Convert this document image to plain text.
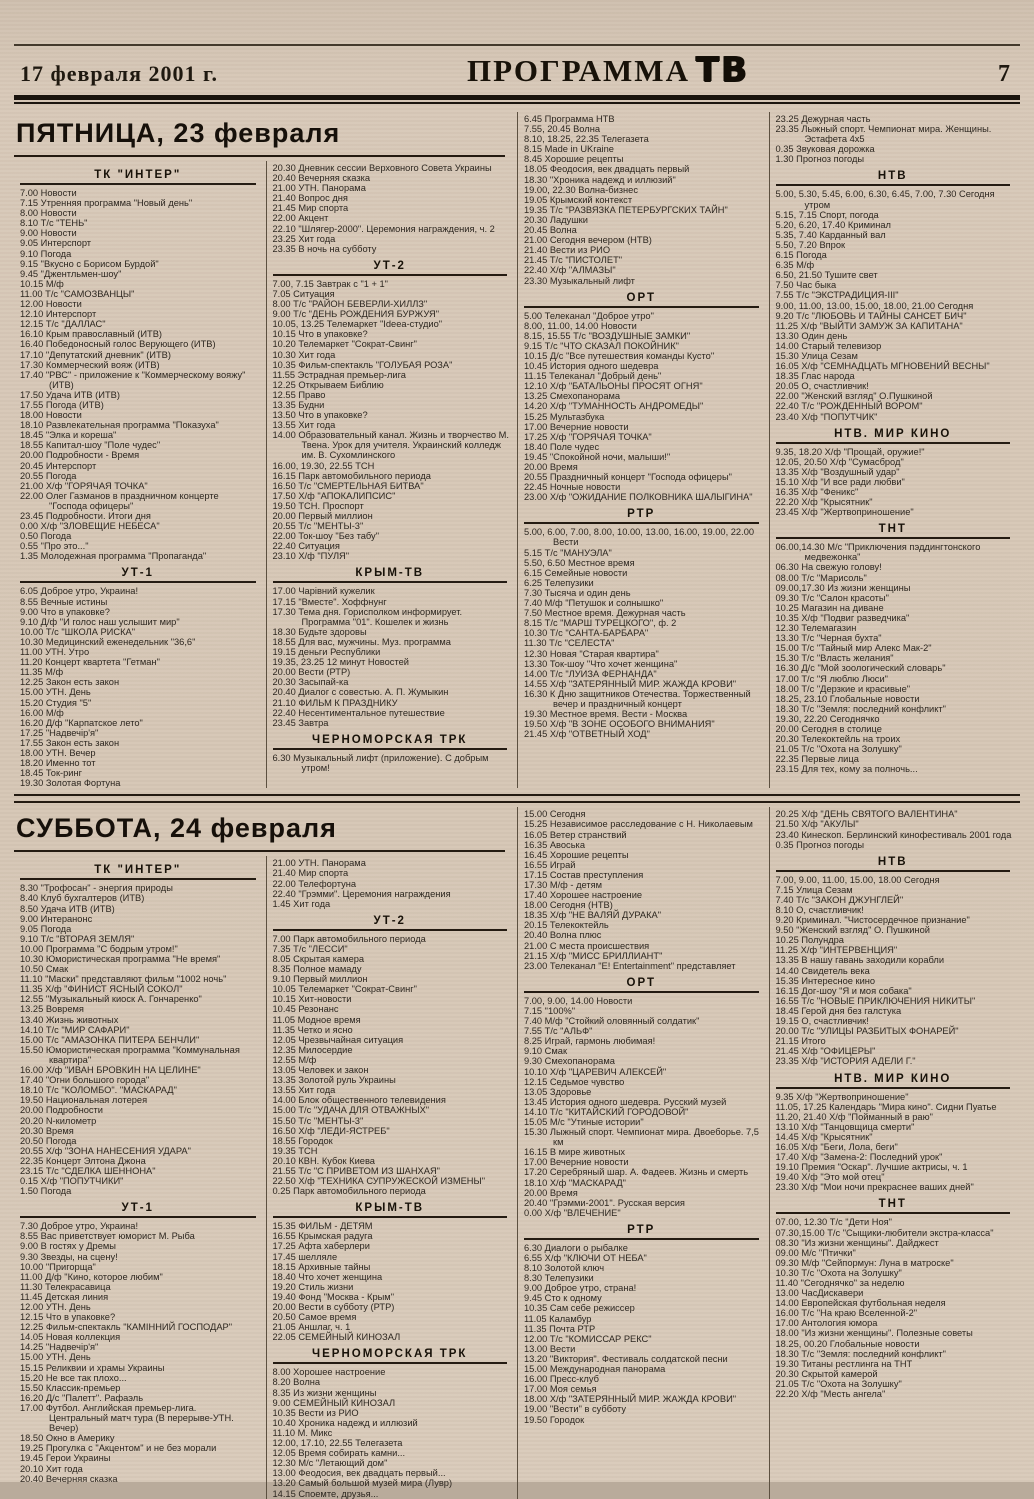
17 февраля 2001 г.	ПРОГРАММА ТВ	7
ПЯТНИЦА, 23 февраля
ТК "ИНТЕР"
7.00 Новости
7.15 Утренняя программа "Новый день"
8.00 Новости
8.10 Т/с "ТЕНЬ"
9.00 Новости
9.05 Интерспорт
9.10 Погода
9.15 "Вкусно с Борисом Бурдой"
9.45 "Джентльмен-шоу"
10.15 М/ф
11.00 Т/с "САМОЗВАНЦЫ"
12.00 Новости
12.10 Интерспорт
12.15 Т/с "ДАЛЛАС"
16.10 Крым православный (ИТВ)
16.40 Победоносный голос Верующего (ИТВ)
17.10 "Депутатский дневник" (ИТВ)
17.30 Коммерческий вояж (ИТВ)
17.40 "РВС" - приложение к "Коммерческому вояжу" (ИТВ)
17.50 Удача ИТВ (ИТВ)
17.55 Погода (ИТВ)
18.00 Новости
18.10 Развлекательная программа "Показуха"
18.45 "Элка и кореша"
18.55 Капитал-шоу "Поле чудес"
20.00 Подробности - Время
20.45 Интерспорт
20.55 Погода
21.00 Х/ф "ГОРЯЧАЯ ТОЧКА"
22.00 Олег Газманов в праздничном концерте "Господа офицеры"
23.45 Подробности. Итоги дня
0.00 Х/ф "ЗЛОВЕЩИЕ НЕБЕСА"
0.50 Погода
0.55 "Про это..."
1.35 Молодежная программа "Пропаганда"
УТ-1
6.05 Доброе утро, Украина!
8.55 Вечные истины
9.00 Что в упаковке?
9.10 Д/ф "И голос наш услышит мир"
10.00 Т/с "ШКОЛА РИСКА"
10.30 Медицинский еженедельник "36,6"
11.00 УТН. Утро
11.20 Концерт квартета "Гетман"
11.35 М/ф
12.25 Закон есть закон
15.00 УТН. День
15.20 Студия "5"
16.00 М/ф
16.20 Д/ф "Карпатское лето"
17.25 "Надвечір'я"
17.55 Закон есть закон
18.00 УТН. Вечер
18.20 Именно тот
18.45 Ток-ринг
19.30 Золотая Фортуна
20.30 Дневник сессии Верховного Совета Украины
20.40 Вечерняя сказка
21.00 УТН. Панорама
21.40 Вопрос дня
21.45 Мир спорта
22.00 Акцент
22.10 "Шлягер-2000". Церемония награждения, ч. 2
23.25 Хит года
23.35 В ночь на субботу
УТ-2
7.00, 7.15 Завтрак с "1 + 1"
7.05 Ситуация
8.00 Т/с "РАЙОН БЕВЕРЛИ-ХИЛЛЗ"
9.00 Т/с "ДЕНЬ РОЖДЕНИЯ БУРЖУЯ"
10.05, 13.25 Телемаркет "Ideea-студио"
10.15 Что в упаковке?
10.20 Телемаркет "Сократ-Свинг"
10.30 Хит года
10.35 Фильм-спектакль "ГОЛУБАЯ РОЗА"
11.55 Эстрадная премьер-лига
12.25 Открываем Библию
12.55 Право
13.35 Будни
13.50 Что в упаковке?
13.55 Хит года
14.00 Образовательный канал. Жизнь и творчество М. Твена. Урок для учителя. Украинский колледж им. В. Сухомлинского
16.00, 19.30, 22.55 ТСН
16.15 Парк автомобильного периода
16.50 Т/с "СМЕРТЕЛЬНАЯ БИТВА"
17.50 Х/ф "АПОКАЛИПСИС"
19.50 ТСН. Проспорт
20.00 Первый миллион
20.55 Т/с "МЕНТЫ-3"
22.00 Ток-шоу "Без табу"
22.40 Ситуация
23.10 Х/ф "ПУЛЯ"
КРЫМ-ТВ
17.00 Чарівний кужелик
17.15 "Вместе". Хоффнунг
17.30 Тема дня. Горисполком информирует. Программа "01". Кошелек и жизнь
18.30 Будьте здоровы
18.55 Для вас, мужчины. Муз. программа
19.15 деньги Республики
19.35, 23.25 12 минут Новостей
20.00 Вести (РТР)
20.30 Засыпай-ка
20.40 Диалог с совестью. А. П. Жумыкин
21.10 ФИЛЬМ К ПРАЗДНИКУ
22.40 Несентиментальное путешествие
23.45 Завтра
ЧЕРНОМОРСКАЯ ТРК
6.30 Музыкальный лифт (приложение). С добрым утром!
6.45 Программа НТВ
7.55, 20.45 Волна
8.10, 18.25, 22.35 Телегазета
8.15 Made in UKraine
8.45 Хорошие рецепты
18.05 Феодосия, век двадцать первый
18.30 "Хроника надежд и иллюзий"
19.00, 22.30 Волна-бизнес
19.05 Крымский контекст
19.35 Т/с "РАЗВЯЗКА ПЕТЕРБУРГСКИХ ТАЙН"
20.30 Ладушки
20.45 Волна
21.00 Сегодня вечером (НТВ)
21.40 Вести из РИО
21.45 Т/с "ПИСТОЛЕТ"
22.40 Х/ф "АЛМАЗЫ"
23.30 Музыкальный лифт
ОРТ
5.00 Телеканал "Доброе утро"
8.00, 11.00, 14.00 Новости
8.15, 15.55 Т/с "ВОЗДУШНЫЕ ЗАМКИ"
9.15 Т/с "ЧТО СКАЗАЛ ПОКОЙНИК"
10.15 Д/с "Все путешествия команды Кусто"
10.45 История одного шедевра
11.15 Телеканал "Добрый день"
12.10 Х/ф "БАТАЛЬОНЫ ПРОСЯТ ОГНЯ"
13.25 Смехопанорама
14.20 Х/ф "ТУМАННОСТЬ АНДРОМЕДЫ"
15.25 Мультазбука
17.00 Вечерние новости
17.25 Х/ф "ГОРЯЧАЯ ТОЧКА"
18.40 Поле чудес
19.45 "Спокойной ночи, малыши!"
20.00 Время
20.55 Праздничный концерт "Господа офицеры"
22.45 Ночные новости
23.00 Х/ф "ОЖИДАНИЕ ПОЛКОВНИКА ШАЛЫГИНА"
РТР
5.00, 6.00, 7.00, 8.00, 10.00, 13.00, 16.00, 19.00, 22.00 Вести
5.15 Т/с "МАНУЭЛА"
5.50, 6.50 Местное время
6.15 Семейные новости
6.25 Телепузики
7.30 Тысяча и один день
7.40 М/ф "Петушок и солнышко"
7.50 Местное время. Дежурная часть
8.15 Т/с "МАРШ ТУРЕЦКОГО", ф. 2
10.30 Т/с "САНТА-БАРБАРА"
11.30 Т/с "СЕЛЕСТА"
12.30 Новая "Старая квартира"
13.30 Ток-шоу "Что хочет женщина"
14.00 Т/с "ЛУИЗА ФЕРНАНДА"
14.55 Х/ф "ЗАТЕРЯННЫЙ МИР. ЖАЖДА КРОВИ"
16.30 К Дню защитников Отечества. Торжественный вечер и праздничный концерт
19.30 Местное время. Вести - Москва
19.50 Х/ф "В ЗОНЕ ОСОБОГО ВНИМАНИЯ"
21.45 Х/ф "ОТВЕТНЫЙ ХОД"
23.25 Дежурная часть
23.35 Лыжный спорт. Чемпионат мира. Женщины. Эстафета 4х5
0.35 Звуковая дорожка
1.30 Прогноз погоды
НТВ
5.00, 5.30, 5.45, 6.00, 6.30, 6.45, 7.00, 7.30 Сегодня утром
5.15, 7.15 Спорт, погода
5.20, 6.20, 17.40 Криминал
5.35, 7.40 Карданный вал
5.50, 7.20 Впрок
6.15 Погода
6.35 М/ф
6.50, 21.50 Тушите свет
7.50 Час быка
7.55 Т/с "ЭКСТРАДИЦИЯ-III"
9.00, 11.00, 13.00, 15.00, 18.00, 21.00 Сегодня
9.20 Т/с "ЛЮБОВЬ И ТАЙНЫ САНСЕТ БИЧ"
11.25 Х/ф "ВЫЙТИ ЗАМУЖ ЗА КАПИТАНА"
13.30 Один день
14.00 Старый телевизор
15.30 Улица Сезам
16.05 Х/ф "СЕМНАДЦАТЬ МГНОВЕНИЙ ВЕСНЫ"
18.35 Глас народа
20.05 О, счастливчик!
22.00 "Женский взгляд" О.Пушкиной
22.40 Т/с "РОЖДЕННЫЙ ВОРОМ"
23.40 Х/ф "ПОПУТЧИК"
НТВ. МИР КИНО
9.35, 18.20 Х/ф "Прощай, оружие!"
12.05, 20.50 Х/ф "Сумасброд"
13.35 Х/ф "Воздушный удар"
15.10 Х/ф "И все ради любви"
16.35 Х/ф "Феникс"
22.20 Х/ф "Крысятник"
23.45 Х/ф "Жертвоприношение"
ТНТ
06.00,14.30 М/с "Приключения пэддингтонского медвежонка"
06.30 На свежую голову!
08.00 Т/с "Марисоль"
09.00,17.30 Из жизни женщины
09.30 Т/с "Салон красоты"
10.25 Магазин на диване
10.35 Х/ф "Подвиг разведчика"
12.30 Телемагазин
13.30 Т/с "Черная бухта"
15.00 Т/с "Тайный мир Алекс Мак-2"
15.30 Т/с "Власть желания"
16.30 Д/с "Мой зоологический словарь"
17.00 Т/с "Я люблю Люси"
18.00 Т/с "Дерзкие и красивые"
18.25, 23.10 Глобальные новости
18.30 Т/с "Земля: последний конфликт"
19.30, 22.20 Сегоднячко
20.00 Сегодня в столице
20.30 Телекоктейль на троих
21.05 Т/с "Охота на Золушку"
22.35 Первые лица
23.15 Для тех, кому за полночь...
СУББОТА, 24 февраля
ТК "ИНТЕР"
8.30 "Трофосан" - энергия природы
8.40 Клуб бухгалтеров (ИТВ)
8.50 Удача ИТВ (ИТВ)
9.00 Интеранонс
9.05 Погода
9.10 Т/с "ВТОРАЯ ЗЕМЛЯ"
10.00 Программа "С бодрым утром!"
10.30 Юмористическая программа "Не время"
10.50 Смак
11.10 "Маски" представляют фильм "1002 ночь"
11.35 Х/ф "ФИНИСТ ЯСНЫЙ СОКОЛ"
12.55 "Музыкальный киоск А. Гончаренко"
13.25 Вовремя
13.40 Жизнь животных
14.10 Т/с "МИР САФАРИ"
15.00 Т/с "АМАЗОНКА ПИТЕРА БЕНЧЛИ"
15.50 Юмористическая программа "Коммунальная квартира"
16.00 Х/ф "ИВАН БРОВКИН НА ЦЕЛИНЕ"
17.40 "Огни большого города"
18.10 Т/с "КОЛОМБО". "МАСКАРАД"
19.50 Национальная лотерея
20.00 Подробности
20.20 N-километр
20.30 Время
20.50 Погода
20.55 Х/ф "ЗОНА НАНЕСЕНИЯ УДАРА"
22.35 Концерт Элтона Джона
23.15 Т/с "СДЕЛКА ШЕННОНА"
0.15 Х/ф "ПОПУТЧИКИ"
1.50 Погода
УТ-1
7.30 Доброе утро, Украина!
8.55 Вас приветствует юморист М. Рыба
9.00 В гостях у Дремы
9.30 Звезды, на сцену!
10.00 "Пригорща"
11.00 Д/ф "Кино, которое любим"
11.30 Телекрасавица
11.45 Детская линия
12.00 УТН. День
12.15 Что в упаковке?
12.25 Фильм-спектакль "КАМІННИЙ ГОСПОДАР"
14.05 Новая коллекция
14.25 "Надвечір'я"
15.00 УТН. День
15.15 Реликвии и храмы Украины
15.20 Не все так плохо...
15.50 Классик-премьер
16.20 Д/с "Палетт". Рафаэль
17.00 Футбол. Английская премьер-лига. Центральный матч тура (В перерыве-УТН. Вечер)
18.50 Окно в Америку
19.25 Прогулка с "Акцентом" и не без морали
19.45 Герои Украины
20.10 Хит года
20.40 Вечерняя сказка
21.00 УТН. Панорама
21.40 Мир спорта
22.00 Телефортуна
22.40 "Грэмми". Церемония награждения
1.45 Хит года
УТ-2
7.00 Парк автомобильного периода
7.35 Т/с "ЛЕССИ"
8.05 Скрытая камера
8.35 Полное мамаду
9.10 Первый миллион
10.05 Телемаркет "Сократ-Свинг"
10.15 Хит-новости
10.45 Резонанс
11.05 Модное время
11.35 Четко и ясно
12.05 Чрезвычайная ситуация
12.35 Милосердие
12.55 М/ф
13.05 Человек и закон
13.35 Золотой руль Украины
13.55 Хит года
14.00 Блок общественного телевидения
15.00 Т/с "УДАЧА ДЛЯ ОТВАЖНЫХ"
15.50 Т/с "МЕНТЫ-3"
16.50 Х/ф "ЛЕДИ-ЯСТРЕБ"
18.55 Городок
19.35 ТСН
20.10 КВН. Кубок Киева
21.55 Т/с "С ПРИВЕТОМ ИЗ ШАНХАЯ"
22.50 Х/ф "ТЕХНИКА СУПРУЖЕСКОЙ ИЗМЕНЫ"
0.25 Парк автомобильного периода
КРЫМ-ТВ
15.35 ФИЛЬМ - ДЕТЯМ
16.55 Крымская радуга
17.25 Афта хаберлери
17.45 шелляле
18.15 Архивные тайны
18.40 Что хочет женщина
19.20 Стиль жизни
19.40 Фонд "Москва - Крым"
20.00 Вести в субботу (РТР)
20.50 Самое время
21.05 Аншлаг, ч. 1
22.05 СЕМЕЙНЫЙ КИНОЗАЛ
ЧЕРНОМОРСКАЯ ТРК
8.00 Хорошее настроение
8.20 Волна
8.35 Из жизни женщины
9.00 СЕМЕЙНЫЙ КИНОЗАЛ
10.35 Вести из РИО
10.40 Хроника надежд и иллюзий
11.10 М. Микс
12.00, 17.10, 22.55 Телегазета
12.05 Время собирать камни...
12.30 М/с "Летающий дом"
13.00 Феодосия, век двадцать первый...
13.20 Самый большой музей мира (Лувр)
14.15 Споемте, друзья...
15.00 Сегодня
15.25 Независимое расследование с Н. Николаевым
16.05 Ветер странствий
16.35 Авоська
16.45 Хорошие рецепты
16.55 Играй
17.15 Состав преступления
17.30 М/ф - детям
17.40 Хорошее настроение
18.00 Сегодня (НТВ)
18.35 Х/ф "НЕ ВАЛЯЙ ДУРАКА"
20.15 Телекоктейль
20.40 Волна плюс
21.00 С места происшествия
21.15 Х/ф "МИСС БРИЛЛИАНТ"
23.00 Телеканал "E! Entertainment" представляет
ОРТ
7.00, 9.00, 14.00 Новости
7.15 "100%"
7.40 М/ф "Стойкий оловянный солдатик"
7.55 Т/с "АЛЬФ"
8.25 Играй, гармонь любимая!
9.10 Смак
9.30 Смехопанорама
10.10 Х/ф "ЦАРЕВИЧ АЛЕКСЕЙ"
12.15 Седьмое чувство
13.05 Здоровье
13.45 История одного шедевра. Русский музей
14.10 Т/с "КИТАЙСКИЙ ГОРОДОВОЙ"
15.05 М/с "Утиные истории"
15.30 Лыжный спорт. Чемпионат мира. Двоеборье. 7,5 км
16.15 В мире животных
17.00 Вечерние новости
17.20 Серебряный шар. А. Фадеев. Жизнь и смерть
18.10 Х/ф "МАСКАРАД"
20.00 Время
20.40 "Грэмми-2001". Русская версия
0.00 Х/ф "ВЛЕЧЕНИЕ"
РТР
6.30 Диалоги о рыбалке
6.55 Х/ф "КЛЮЧИ ОТ НЕБА"
8.10 Золотой ключ
8.30 Телепузики
9.00 Доброе утро, страна!
9.45 Сто к одному
10.35 Сам себе режиссер
11.05 Каламбур
11.35 Почта РТР
12.00 Т/с "КОМИССАР РЕКС"
13.00 Вести
13.20 "Виктория". Фестиваль солдатской песни
15.00 Международная панорама
16.00 Пресс-клуб
17.00 Моя семья
18.00 Х/ф "ЗАТЕРЯННЫЙ МИР. ЖАЖДА КРОВИ"
19.00 "Вести" в субботу
19.50 Городок
20.25 Х/ф "ДЕНЬ СВЯТОГО ВАЛЕНТИНА"
21.50 Х/ф "АКУЛЫ"
23.40 Кинескоп. Берлинский кинофестиваль 2001 года
0.35 Прогноз погоды
НТВ
7.00, 9.00, 11.00, 15.00, 18.00 Сегодня
7.15 Улица Сезам
7.40 Т/с "ЗАКОН ДЖУНГЛЕЙ"
8.10 О, счастливчик!
9.20 Криминал. "Чистосердечное признание"
9.50 "Женский взгляд" О. Пушкиной
10.25 Полундра
11.25 Х/ф "ИНТЕРВЕНЦИЯ"
13.35 В нашу гавань заходили корабли
14.40 Свидетель века
15.35 Интересное кино
16.15 Дог-шоу "Я и моя собака"
16.55 Т/с "НОВЫЕ ПРИКЛЮЧЕНИЯ НИКИТЫ"
18.45 Герой дня без галстука
19.15 О, счастливчик!
20.00 Т/с "УЛИЦЫ РАЗБИТЫХ ФОНАРЕЙ"
21.15 Итого
21.45 Х/ф "ОФИЦЕРЫ"
23.35 Х/ф "ИСТОРИЯ АДЕЛИ Г."
НТВ. МИР КИНО
9.35 Х/ф "Жертвоприношение"
11.05, 17.25 Календарь "Мира кино". Сидни Пуатье
11.20, 21.40 Х/ф "Пойманный в раю"
13.10 Х/ф "Танцовщица смерти"
14.45 Х/ф "Крысятник"
16.05 Х/ф "Беги, Лола, беги"
17.40 Х/ф "Замена-2: Последний урок"
19.10 Премия "Оскар". Лучшие актрисы, ч. 1
19.40 Х/ф "Это мой отец"
23.30 Х/ф "Мои ночи прекраснее ваших дней"
ТНТ
07.00, 12.30 Т/с "Дети Ноя"
07.30,15.00 Т/с "Сыщики-любители экстра-класса"
08.30 "Из жизни женщины". Дайджест
09.00 М/с "Птички"
09.30 М/ф "Сейпормун: Луна в матроске"
10.30 Т/с "Охота на Золушку"
11.40 "Сегоднячко" за неделю
13.00 ЧасДискавери
14.00 Европейская футбольная неделя
16.00 Т/с "На краю Вселенной-2"
17.00 Антология юмора
18.00 "Из жизни женщины". Полезные советы
18.25, 00.20 Глобальные новости
18.30 Т/с "Земля: последний конфликт"
19.30 Титаны рестлинга на ТНТ
20.30 Скрытой камерой
21.05 Т/с "Охота на Золушку"
22.20 Х/ф "Месть ангела"
